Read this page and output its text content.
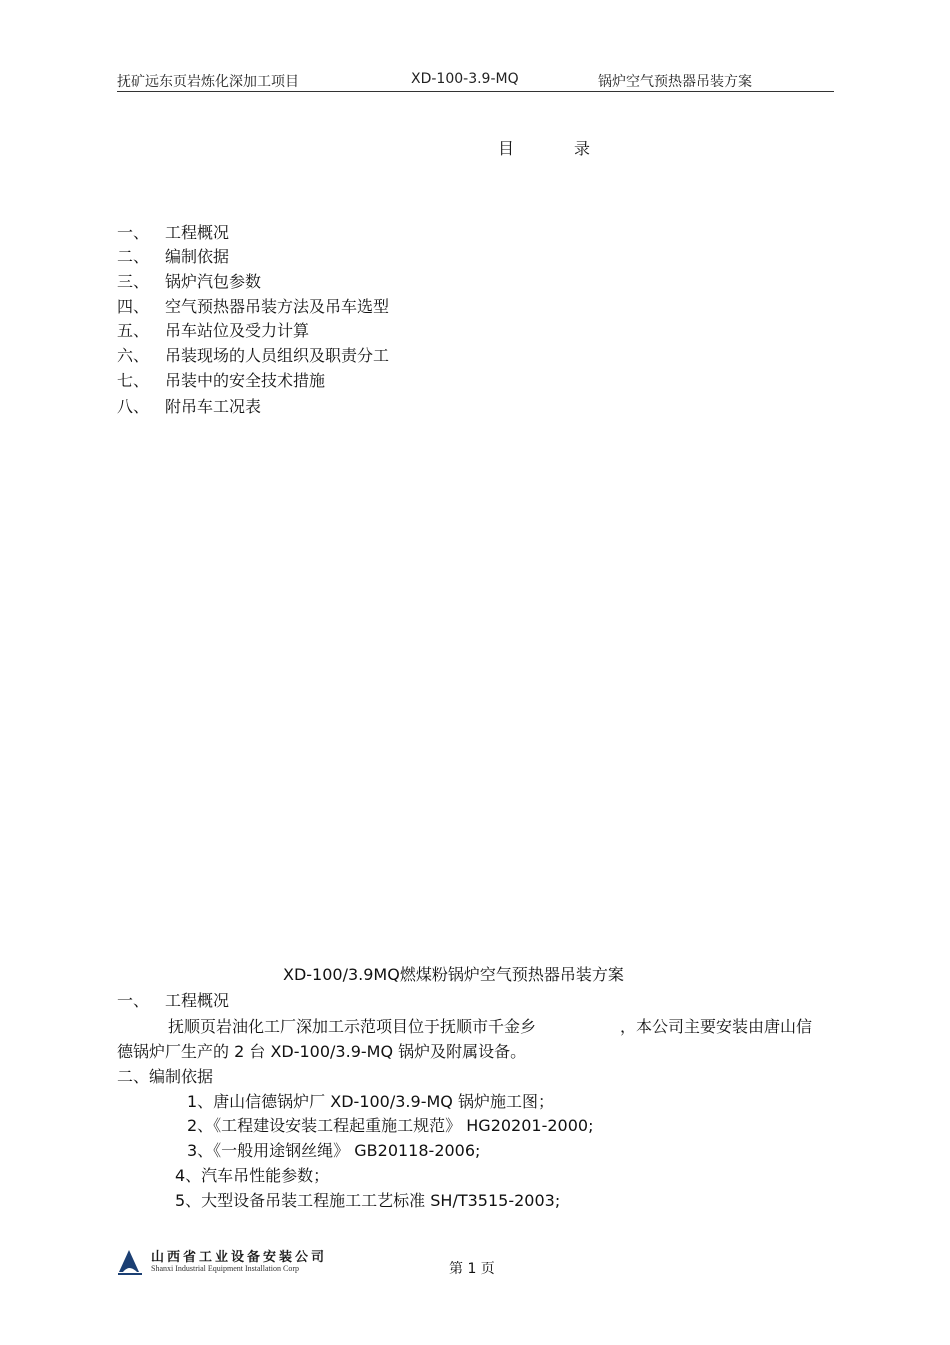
抚矿远东页岩炼化深加工项目	XD-100-3.9-MQ	锅炉空气预热器吊装方案
目	录
一、 工程概况
二、 编制依据
三、 锅炉汽包参数
四、 空气预热器吊装方法及吊车选型
五、 吊车站位及受力计算
六、 吊装现场的人员组织及职责分工
七、 吊装中的安全技术措施
八、 附吊车工况表
XD-100/3.9MQ燃煤粉锅炉空气预热器吊装方案
一、 工程概况
抚顺页岩油化工厂深加工示范项目位于抚顺市千金乡	，本公司主要安装由唐山信
德锅炉厂生产的 2 台 XD-100/3.9-MQ 锅炉及附属设备。
二、编制依据
1、唐山信德锅炉厂 XD-100/3.9-MQ 锅炉施工图；
2、《工程建设安装工程起重施工规范》 HG20201-2000;
3、《一般用途钢丝绳》 GB20118-2006;
4、汽车吊性能参数；
5、大型设备吊装工程施工工艺标准 SH/T3515-2003;
山西省工业设备安装公司
Shanxi Industrial Equipment Installation Corp	第 1 页
